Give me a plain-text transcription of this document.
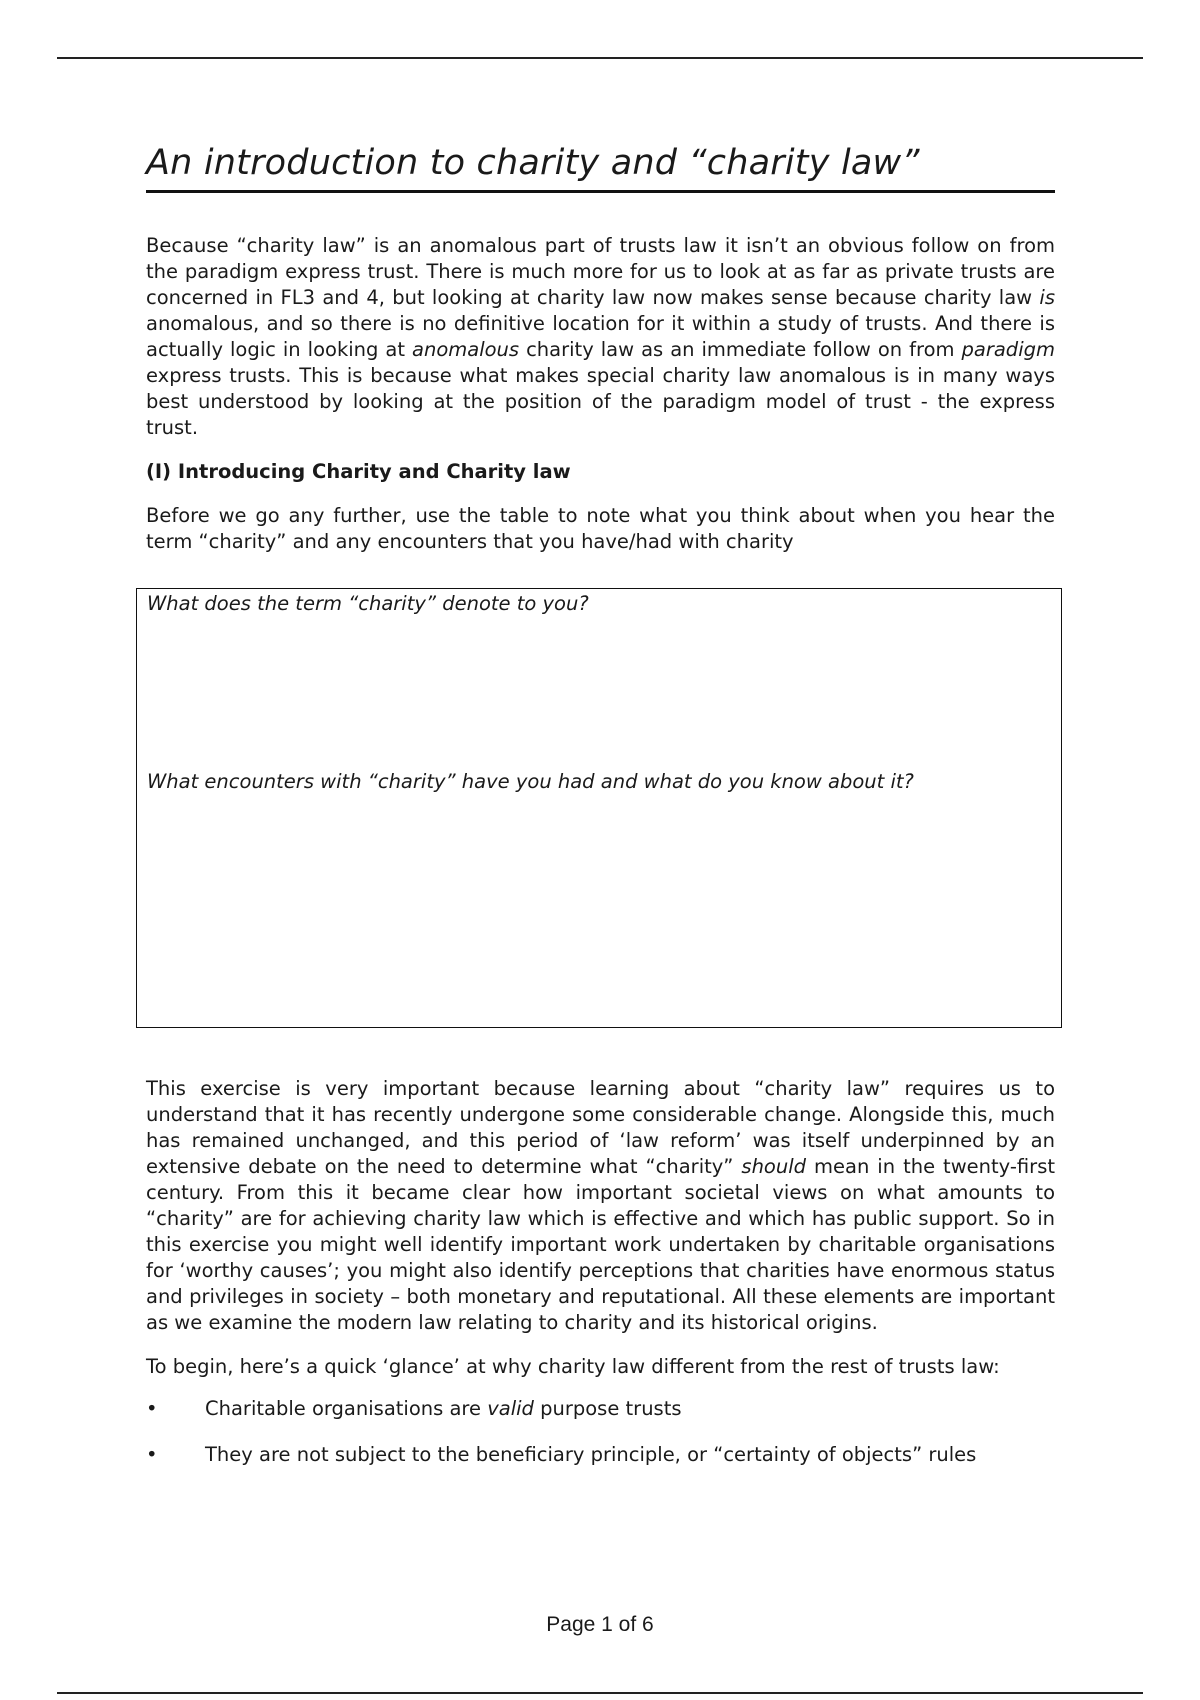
An introduction to charity and “charity law”

Because “charity law” is an anomalous part of trusts law it isn’t an obvious follow on from the paradigm express trust. There is much more for us to look at as far as private trusts are concerned in FL3 and 4, but looking at charity law now makes sense because charity law is anomalous, and so there is no definitive location for it within a study of trusts. And there is actually logic in looking at anomalous charity law as an immediate follow on from paradigm express trusts. This is because what makes special charity law anomalous is in many ways best understood by looking at the position of the paradigm model of trust - the express trust.

(I) Introducing Charity and Charity law

Before we go any further, use the table to note what you think about when you hear the term “charity” and any encounters that you have/had with charity

What does the term “charity” denote to you?

What encounters with “charity” have you had and what do you know about it?

This exercise is very important because learning about “charity law” requires us to understand that it has recently undergone some considerable change. Alongside this, much has remained unchanged, and this period of ‘law reform’ was itself underpinned by an extensive debate on the need to determine what “charity” should mean in the twenty-first century. From this it became clear how important societal views on what amounts to “charity” are for achieving charity law which is effective and which has public support. So in this exercise you might well identify important work undertaken by charitable organisations for ‘worthy causes’; you might also identify perceptions that charities have enormous status and privileges in society – both monetary and reputational. All these elements are important as we examine the modern law relating to charity and its historical origins.

To begin, here’s a quick ‘glance’ at why charity law different from the rest of trusts law:

• Charitable organisations are valid purpose trusts
• They are not subject to the beneficiary principle, or “certainty of objects” rules
Page 1 of 6
